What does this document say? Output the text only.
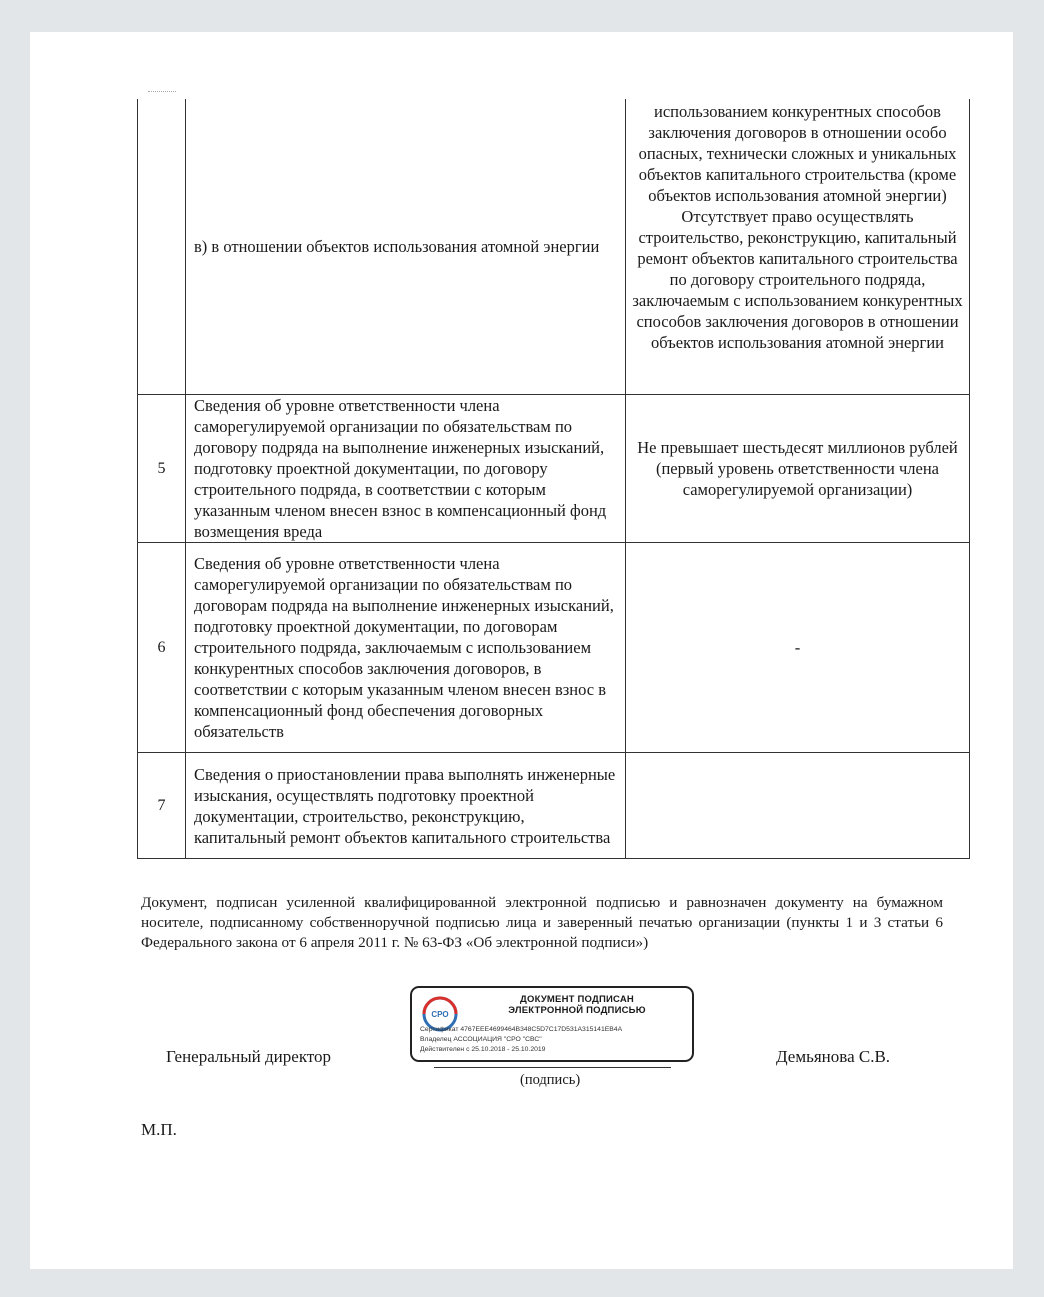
	в) в отношении объектов использования атомной энергии	использованием конкурентных способов заключения договоров в отношении особо опасных, технически сложных и уникальных объектов капитального строительства (кроме объектов использования атомной энергии)
Отсутствует право осуществлять строительство, реконструкцию, капитальный ремонт объектов капитального строительства по договору строительного подряда, заключаемым с использованием конкурентных способов заключения договоров в отношении объектов использования атомной энергии

5	Сведения об уровне ответственности члена саморегулируемой организации по обязательствам по договору подряда на выполнение инженерных изысканий, подготовку проектной документации, по договору строительного подряда, в соответствии с которым указанным членом внесен взнос в компенсационный фонд возмещения вреда	Не превышает шестьдесят миллионов рублей (первый уровень ответственности члена саморегулируемой организации)
6	Сведения об уровне ответственности члена саморегулируемой организации по обязательствам по договорам подряда на выполнение инженерных изысканий, подготовку проектной документации, по договорам строительного подряда, заключаемым с использованием конкурентных способов заключения договоров, в соответствии с которым указанным членом внесен взнос в компенсационный фонд обеспечения договорных обязательств	-
7	Сведения о приостановлении права выполнять инженерные изыскания, осуществлять подготовку проектной документации, строительство, реконструкцию, капитальный ремонт объектов капитального строительства	
Документ, подписан усиленной квалифицированной электронной подписью и равнозначен документу на бумажном носителе, подписанному собственноручной подписью лица и заверенный печатью организации (пункты 1 и 3 статьи 6 Федерального закона от 6 апреля 2011 г. № 63-ФЗ «Об электронной подписи»)
Генеральный директор
СРО
ДОКУМЕНТ ПОДПИСАН
ЭЛЕКТРОННОЙ ПОДПИСЬЮ
Сертификат 4767EEE4699464B348C5D7C17D531A315141EB4A
Владелец АССОЦИАЦИЯ "СРО "СВС"
Действителен с 25.10.2018 - 25.10.2019
(подпись)
Демьянова С.В.
М.П.
